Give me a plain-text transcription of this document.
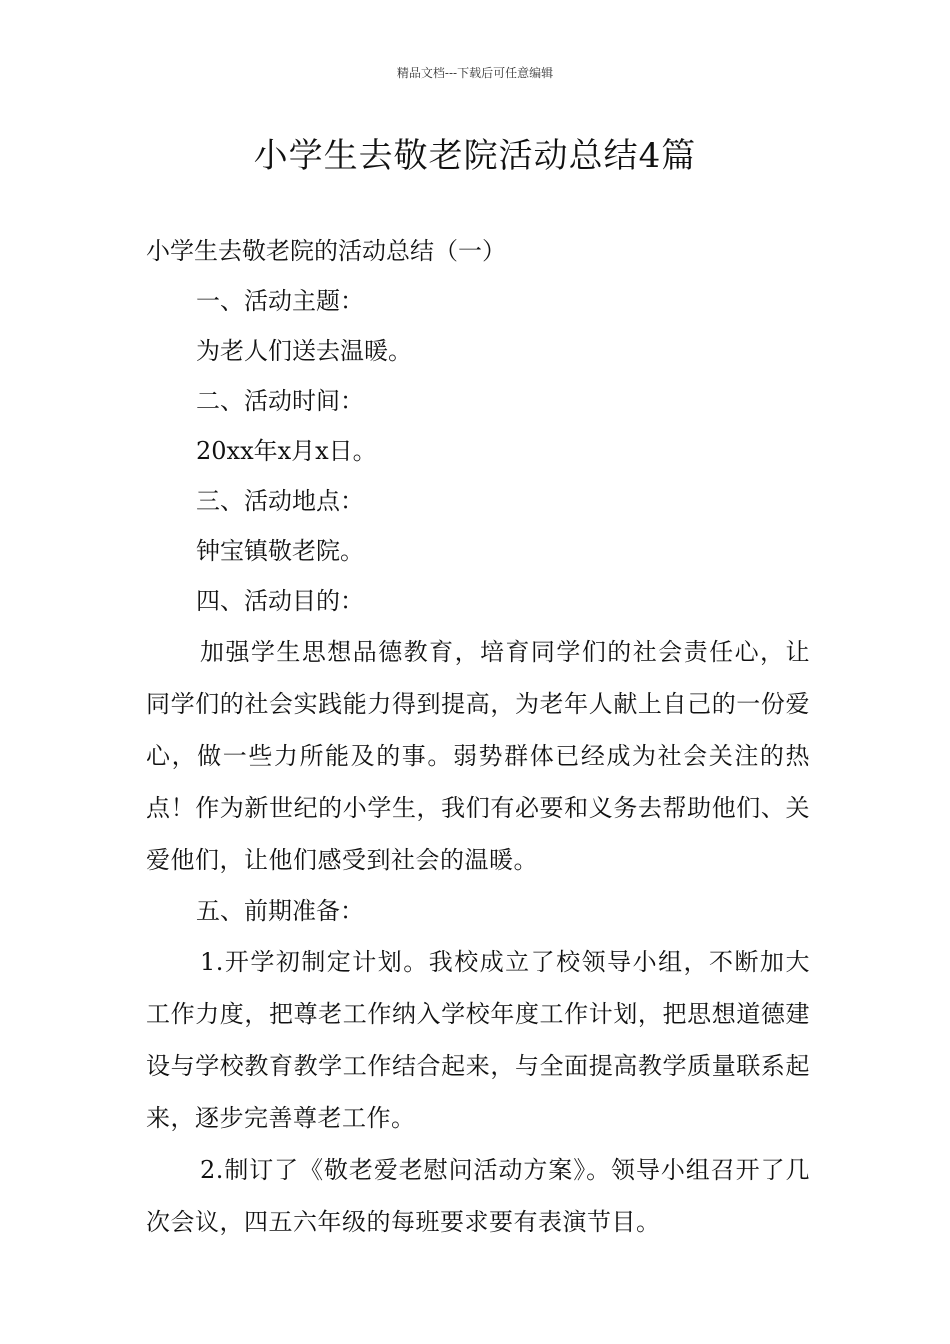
精品文档---下载后可任意编辑
小学生去敬老院活动总结4篇
小学生去敬老院的活动总结（一）
一、活动主题：
为老人们送去温暖。
二、活动时间：
20xx年x月x日。
三、活动地点：
钟宝镇敬老院。
四、活动目的：

加强学生思想品德教育，培育同学们的社会责任心，让同学们的社会实践能力得到提高，为老年人献上自己的一份爱心，做一些力所能及的事。弱势群体已经成为社会关注的热点！作为新世纪的小学生，我们有必要和义务去帮助他们、关爱他们，让他们感受到社会的温暖。

五、前期准备：

1.开学初制定计划。我校成立了校领导小组，不断加大工作力度，把尊老工作纳入学校年度工作计划，把思想道德建设与学校教育教学工作结合起来，与全面提高教学质量联系起来，逐步完善尊老工作。

2.制订了《敬老爱老慰问活动方案》。领导小组召开了几次会议，四五六年级的每班要求要有表演节目。
